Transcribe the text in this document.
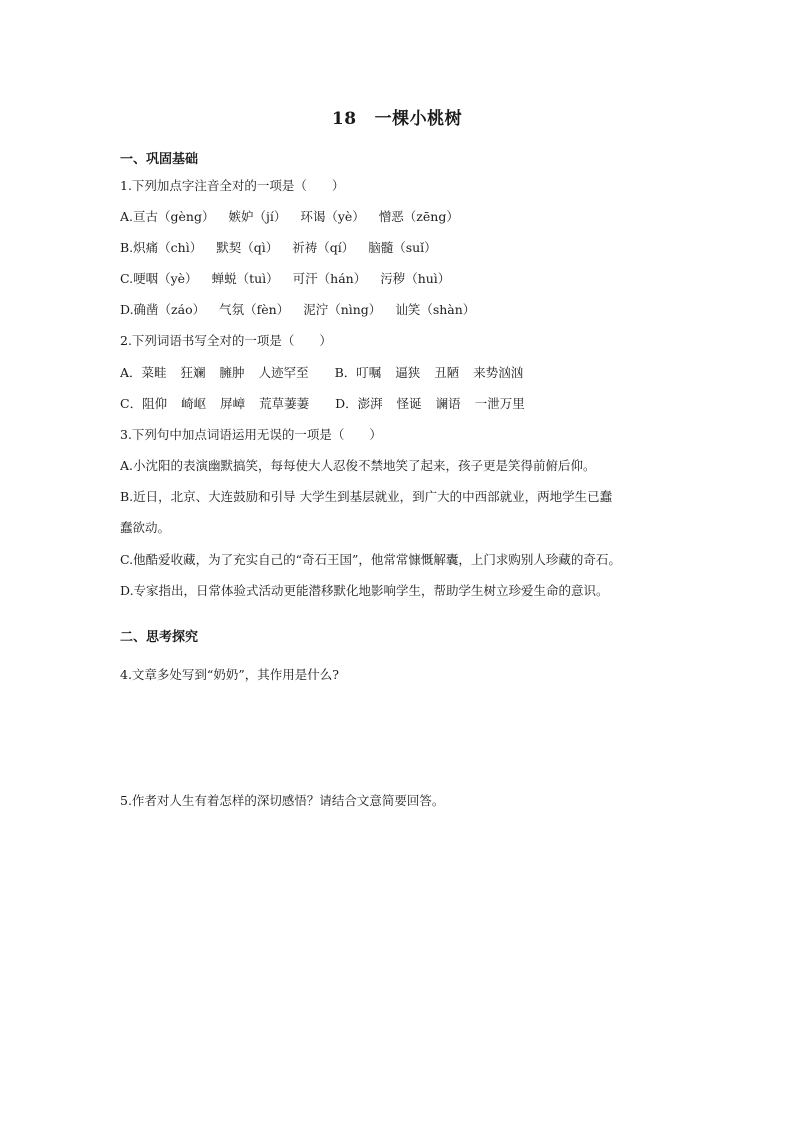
18 一棵小桃树
一、巩固基础
1.下列加点字注音全对的一项是（　　）
A.亘古（gèng） 嫉妒（jí） 环谒（yè） 憎恶（zēng）
B.炽痛（chì） 默契（qì） 祈祷（qí） 脑髓（suǐ）
C.哽咽（yè） 蝉蜕（tuì） 可汗（hán） 污秽（huì）
D.确凿（záo） 气氛（fèn） 泥泞（nìng） 讪笑（shàn）
2.下列词语书写全对的一项是（　　）
A．菜畦 狂斓 臃肿 人迹罕至 B．叮嘱 逼狭 丑陋 来势汹汹
C．阻仰 崎岖 屏嶂 荒草萋萋 D．澎湃 怪诞 谰语 一泄万里
3.下列句中加点词语运用无误的一项是（　　）
A.小沈阳的表演幽默搞笑，每每使大人忍俊不禁地笑了起来，孩子更是笑得前俯后仰。
B.近日，北京、大连鼓励和引导 大学生到基层就业，到广大的中西部就业，两地学生已蠢
蠢欲动。
C.他酷爱收藏，为了充实自己的“奇石王国”，他常常慷慨解囊，上门求购别人珍藏的奇石。
D.专家指出，日常体验式活动更能潜移默化地影响学生，帮助学生树立珍爱生命的意识。
二、思考探究
4.文章多处写到“奶奶”，其作用是什么?
5.作者对人生有着怎样的深切感悟？请结合文意简要回答。
